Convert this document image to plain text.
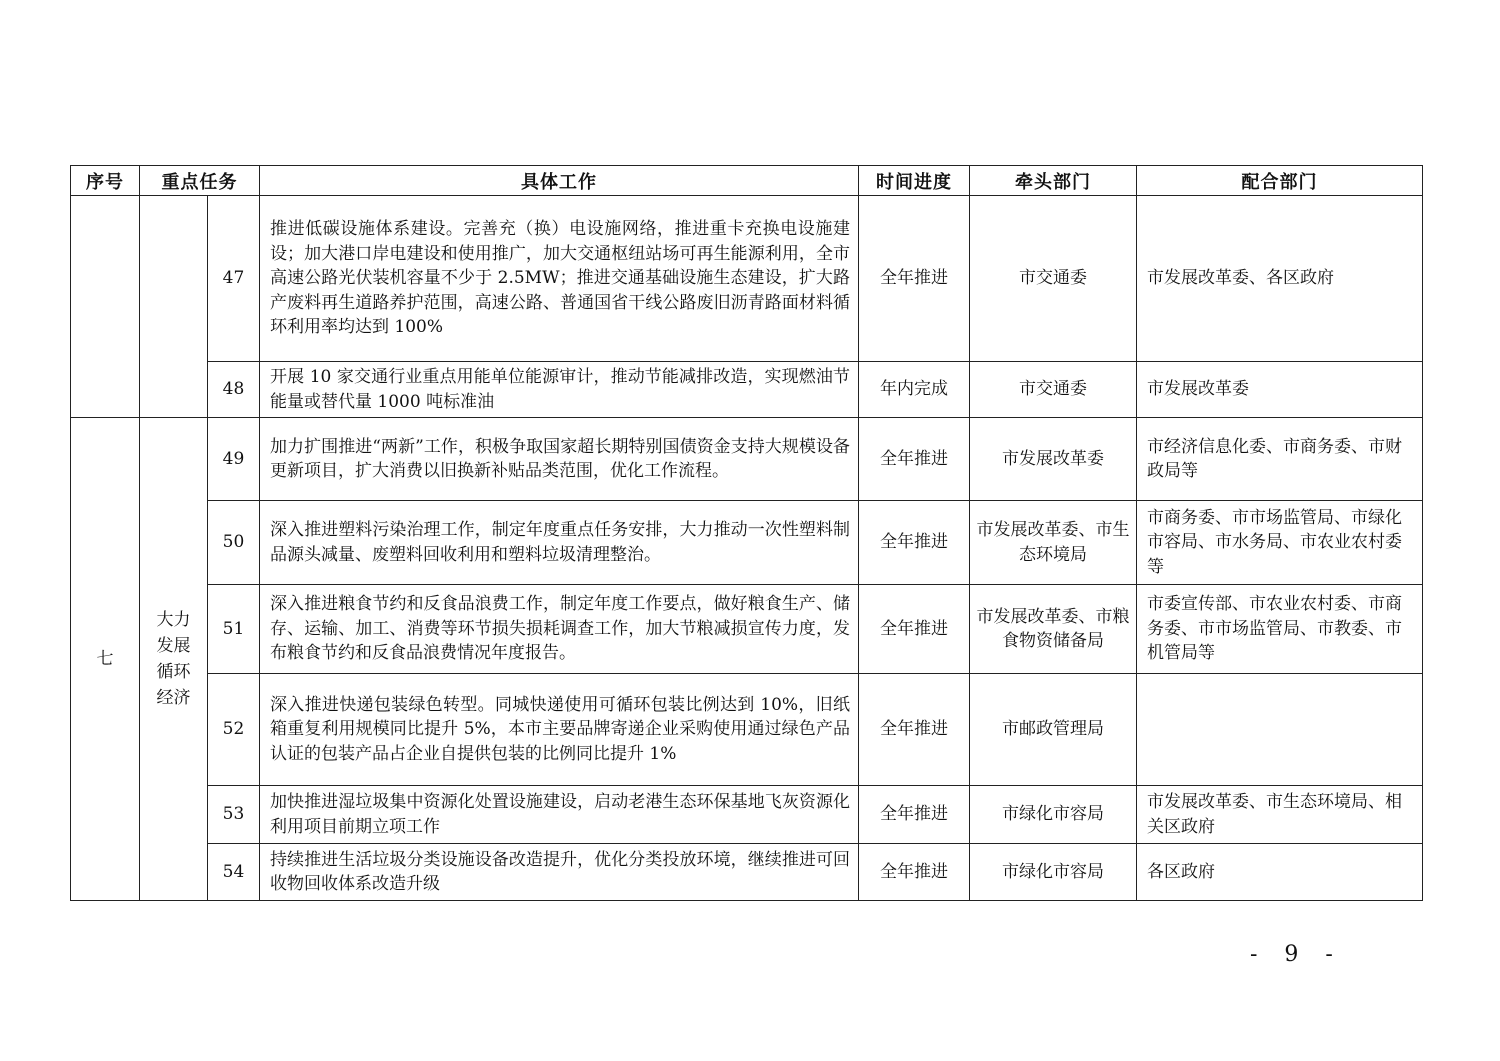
序号	重点任务		具体工作	时间进度	牵头部门	配合部门
		47	推进低碳设施体系建设。完善充（换）电设施网络，推进重卡充换电设施建设；加大港口岸电建设和使用推广，加大交通枢纽站场可再生能源利用，全市高速公路光伏装机容量不少于 2.5MW；推进交通基础设施生态建设，扩大路产废料再生道路养护范围，高速公路、普通国省干线公路废旧沥青路面材料循环利用率均达到 100%	全年推进	市交通委	市发展改革委、各区政府
		48	开展 10 家交通行业重点用能单位能源审计，推动节能减排改造，实现燃油节能量或替代量 1000 吨标准油	年内完成	市交通委	市发展改革委
七	大力发展循环经济	49	加力扩围推进“两新”工作，积极争取国家超长期特别国债资金支持大规模设备更新项目，扩大消费以旧换新补贴品类范围，优化工作流程。	全年推进	市发展改革委	市经济信息化委、市商务委、市财政局等
		50	深入推进塑料污染治理工作，制定年度重点任务安排，大力推动一次性塑料制品源头减量、废塑料回收利用和塑料垃圾清理整治。	全年推进	市发展改革委、市生态环境局	市商务委、市市场监管局、市绿化市容局、市水务局、市农业农村委等
		51	深入推进粮食节约和反食品浪费工作，制定年度工作要点，做好粮食生产、储存、运输、加工、消费等环节损失损耗调查工作，加大节粮减损宣传力度，发布粮食节约和反食品浪费情况年度报告。	全年推进	市发展改革委、市粮食物资储备局	市委宣传部、市农业农村委、市商务委、市市场监管局、市教委、市机管局等
		52	深入推进快递包装绿色转型。同城快递使用可循环包装比例达到 10%，旧纸箱重复利用规模同比提升 5%，本市主要品牌寄递企业采购使用通过绿色产品认证的包装产品占企业自提供包装的比例同比提升 1%	全年推进	市邮政管理局	
		53	加快推进湿垃圾集中资源化处置设施建设，启动老港生态环保基地飞灰资源化利用项目前期立项工作	全年推进	市绿化市容局	市发展改革委、市生态环境局、相关区政府
		54	持续推进生活垃圾分类设施设备改造提升，优化分类投放环境，继续推进可回收物回收体系改造升级	全年推进	市绿化市容局	各区政府

- 9 -
